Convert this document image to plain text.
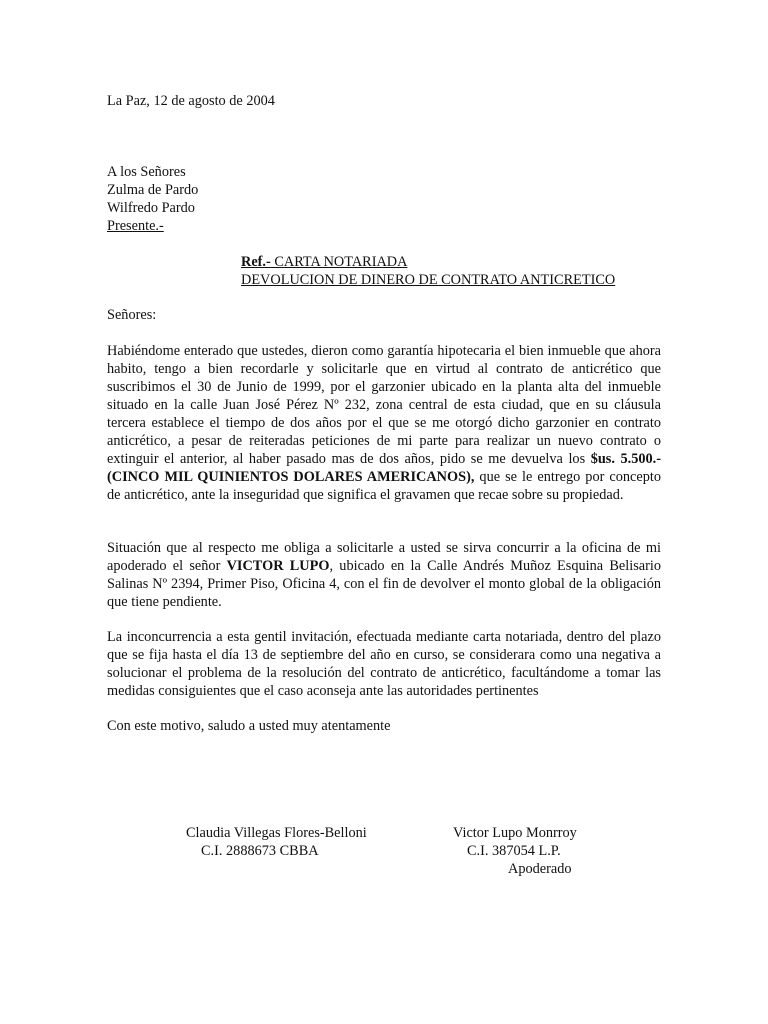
La Paz, 12 de agosto de 2004
A los Señores
Zulma de Pardo
Wilfredo Pardo
Presente.-
Ref.- CARTA NOTARIADA
DEVOLUCION DE DINERO DE CONTRATO ANTICRETICO
Señores:

Habiéndome enterado que ustedes, dieron como garantía hipotecaria el bien inmueble que ahora habito, tengo a bien recordarle y solicitarle que en virtud al contrato de anticrético que suscribimos el 30 de Junio de 1999, por el garzonier ubicado en la planta alta del inmueble situado en la calle Juan José Pérez Nº 232, zona central de esta ciudad, que en su cláusula tercera establece el tiempo de dos años por el que se me otorgó dicho garzonier en contrato anticrético, a pesar de reiteradas peticiones de mi parte para realizar un nuevo contrato o extinguir el anterior, al haber pasado mas de dos años, pido se me devuelva los $us. 5.500.- (CINCO MIL QUINIENTOS DOLARES AMERICANOS), que se le entrego por concepto de anticrético, ante la inseguridad que significa el gravamen que recae sobre su propiedad.

Situación que al respecto me obliga a solicitarle a usted se sirva concurrir a la oficina de mi apoderado el señor VICTOR LUPO, ubicado en la Calle Andrés Muñoz Esquina Belisario Salinas Nº 2394, Primer Piso, Oficina 4, con el fin de devolver el monto global de la obligación que tiene pendiente.

La inconcurrencia a esta gentil invitación, efectuada mediante carta notariada, dentro del plazo que se fija hasta el día 13 de septiembre del año en curso, se considerara como una negativa a solucionar el problema de la resolución del contrato de anticrético, facultándome a tomar las medidas consiguientes que el caso aconseja ante las autoridades pertinentes

Con este motivo, saludo a usted muy atentamente
Claudia Villegas Flores-Belloni
C.I. 2888673 CBBA
Victor Lupo Monrroy
C.I. 387054 L.P.
Apoderado
